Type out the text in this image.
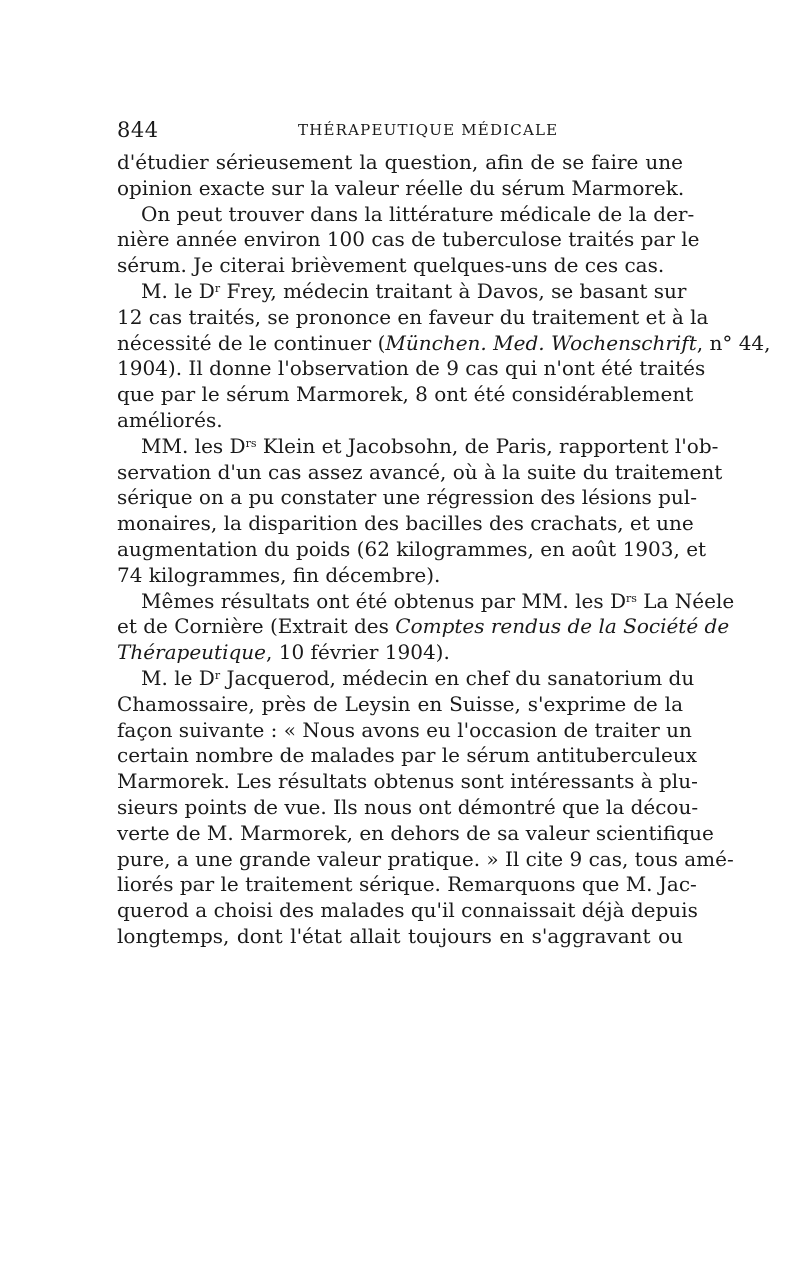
844	THÉRAPEUTIQUE MÉDICALE
d'étudier sérieusement la question, afin de se faire une
opinion exacte sur la valeur réelle du sérum Marmorek.
On peut trouver dans la littérature médicale de la der-
nière année environ 100 cas de tuberculose traités par le
sérum. Je citerai brièvement quelques-uns de ces cas.
M. le $D^r$ Frey, médecin traitant à Davos, se basant sur
12 cas traités, se prononce en faveur du traitement et à la
nécessité de le continuer (München. Med. Wochenschrift, n° 44,
1904). Il donne l'observation de 9 cas qui n'ont été traités
que par le sérum Marmorek, 8 ont été considérablement
améliorés.
MM. les $D^{rs}$ Klein et Jacobsohn, de Paris, rapportent l'ob-
servation d'un cas assez avancé, où à la suite du traitement
sérique on a pu constater une régression des lésions pul-
monaires, la disparition des bacilles des crachats, et une
augmentation du poids (62 kilogrammes, en août 1903, et
74 kilogrammes, fin décembre).
Mêmes résultats ont été obtenus par MM. les $D^{rs}$ La Néele
et de Cornière (Extrait des Comptes rendus de la Société de
Thérapeutique, 10 février 1904).
M. le $D^r$ Jacquerod, médecin en chef du sanatorium du
Chamossaire, près de Leysin en Suisse, s'exprime de la
façon suivante : « Nous avons eu l'occasion de traiter un
certain nombre de malades par le sérum antituberculeux
Marmorek. Les résultats obtenus sont intéressants à plu-
sieurs points de vue. Ils nous ont démontré que la décou-
verte de M. Marmorek, en dehors de sa valeur scientifique
pure, a une grande valeur pratique. » Il cite 9 cas, tous amé-
liorés par le traitement sérique. Remarquons que M. Jac-
querod a choisi des malades qu'il connaissait déjà depuis
longtemps, dont l'état allait toujours en s'aggravant ou
